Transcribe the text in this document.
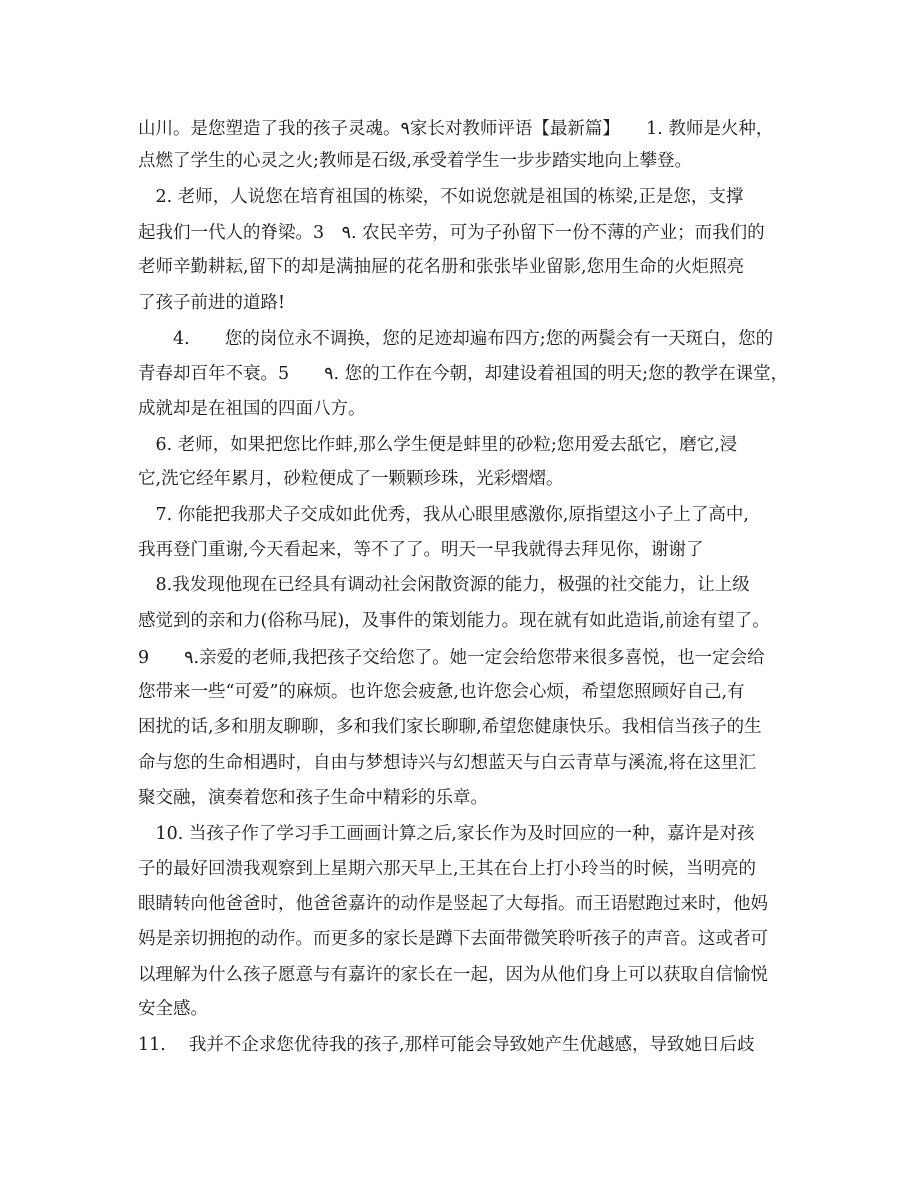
山川。是您塑造了我的孩子灵魂。٩家长对教师评语【最新篇】　　1. 教师是火种，
点燃了学生的心灵之火;教师是石级,承受着学生一步步踏实地向上攀登。
　2. 老师，人说您在培育祖国的栋梁，不如说您就是祖国的栋梁,正是您，支撑
起我们一代人的脊梁。3　٩. 农民辛劳，可为子孙留下一份不薄的产业；而我们的
老师辛勤耕耘,留下的却是满抽屉的花名册和张张毕业留影,您用生命的火炬照亮
了孩子前进的道路!
　　4.　　您的岗位永不调换，您的足迹却遍布四方;您的两鬓会有一天斑白，您的
青春却百年不衰。5　　٩. 您的工作在今朝，却建设着祖国的明天;您的教学在课堂，
成就却是在祖国的四面八方。
　6. 老师，如果把您比作蚌,那么学生便是蚌里的砂粒;您用爱去舐它，磨它,浸
它,洗它经年累月，砂粒便成了一颗颗珍珠，光彩熠熠。
　7. 你能把我那犬子交成如此优秀，我从心眼里感激你,原指望这小子上了高中,
我再登门重谢,今天看起来，等不了了。明天一早我就得去拜见你，谢谢了
　8.我发现他现在已经具有调动社会闲散资源的能力，极强的社交能力，让上级
感觉到的亲和力(俗称马屁)，及事件的策划能力。现在就有如此造诣,前途有望了。
9　　٩.亲爱的老师,我把孩子交给您了。她一定会给您带来很多喜悦，也一定会给
您带来一些“可爱”的麻烦。也许您会疲惫,也许您会心烦，希望您照顾好自己,有
困扰的话,多和朋友聊聊，多和我们家长聊聊,希望您健康快乐。我相信当孩子的生
命与您的生命相遇时，自由与梦想诗兴与幻想蓝天与白云青草与溪流,将在这里汇
聚交融，演奏着您和孩子生命中精彩的乐章。
　10. 当孩子作了学习手工画画计算之后,家长作为及时回应的一种，嘉许是对孩
子的最好回溃我观察到上星期六那天早上,王其在台上打小玲当的时候，当明亮的
眼睛转向他爸爸时，他爸爸嘉许的动作是竖起了大每指。而王语慰跑过来时，他妈
妈是亲切拥抱的动作。而更多的家长是蹲下去面带微笑聆听孩子的声音。这或者可
以理解为什么孩子愿意与有嘉许的家长在一起，因为从他们身上可以获取自信愉悦
安全感。
11.　 我并不企求您优待我的孩子,那样可能会导致她产生优越感，导致她日后歧
